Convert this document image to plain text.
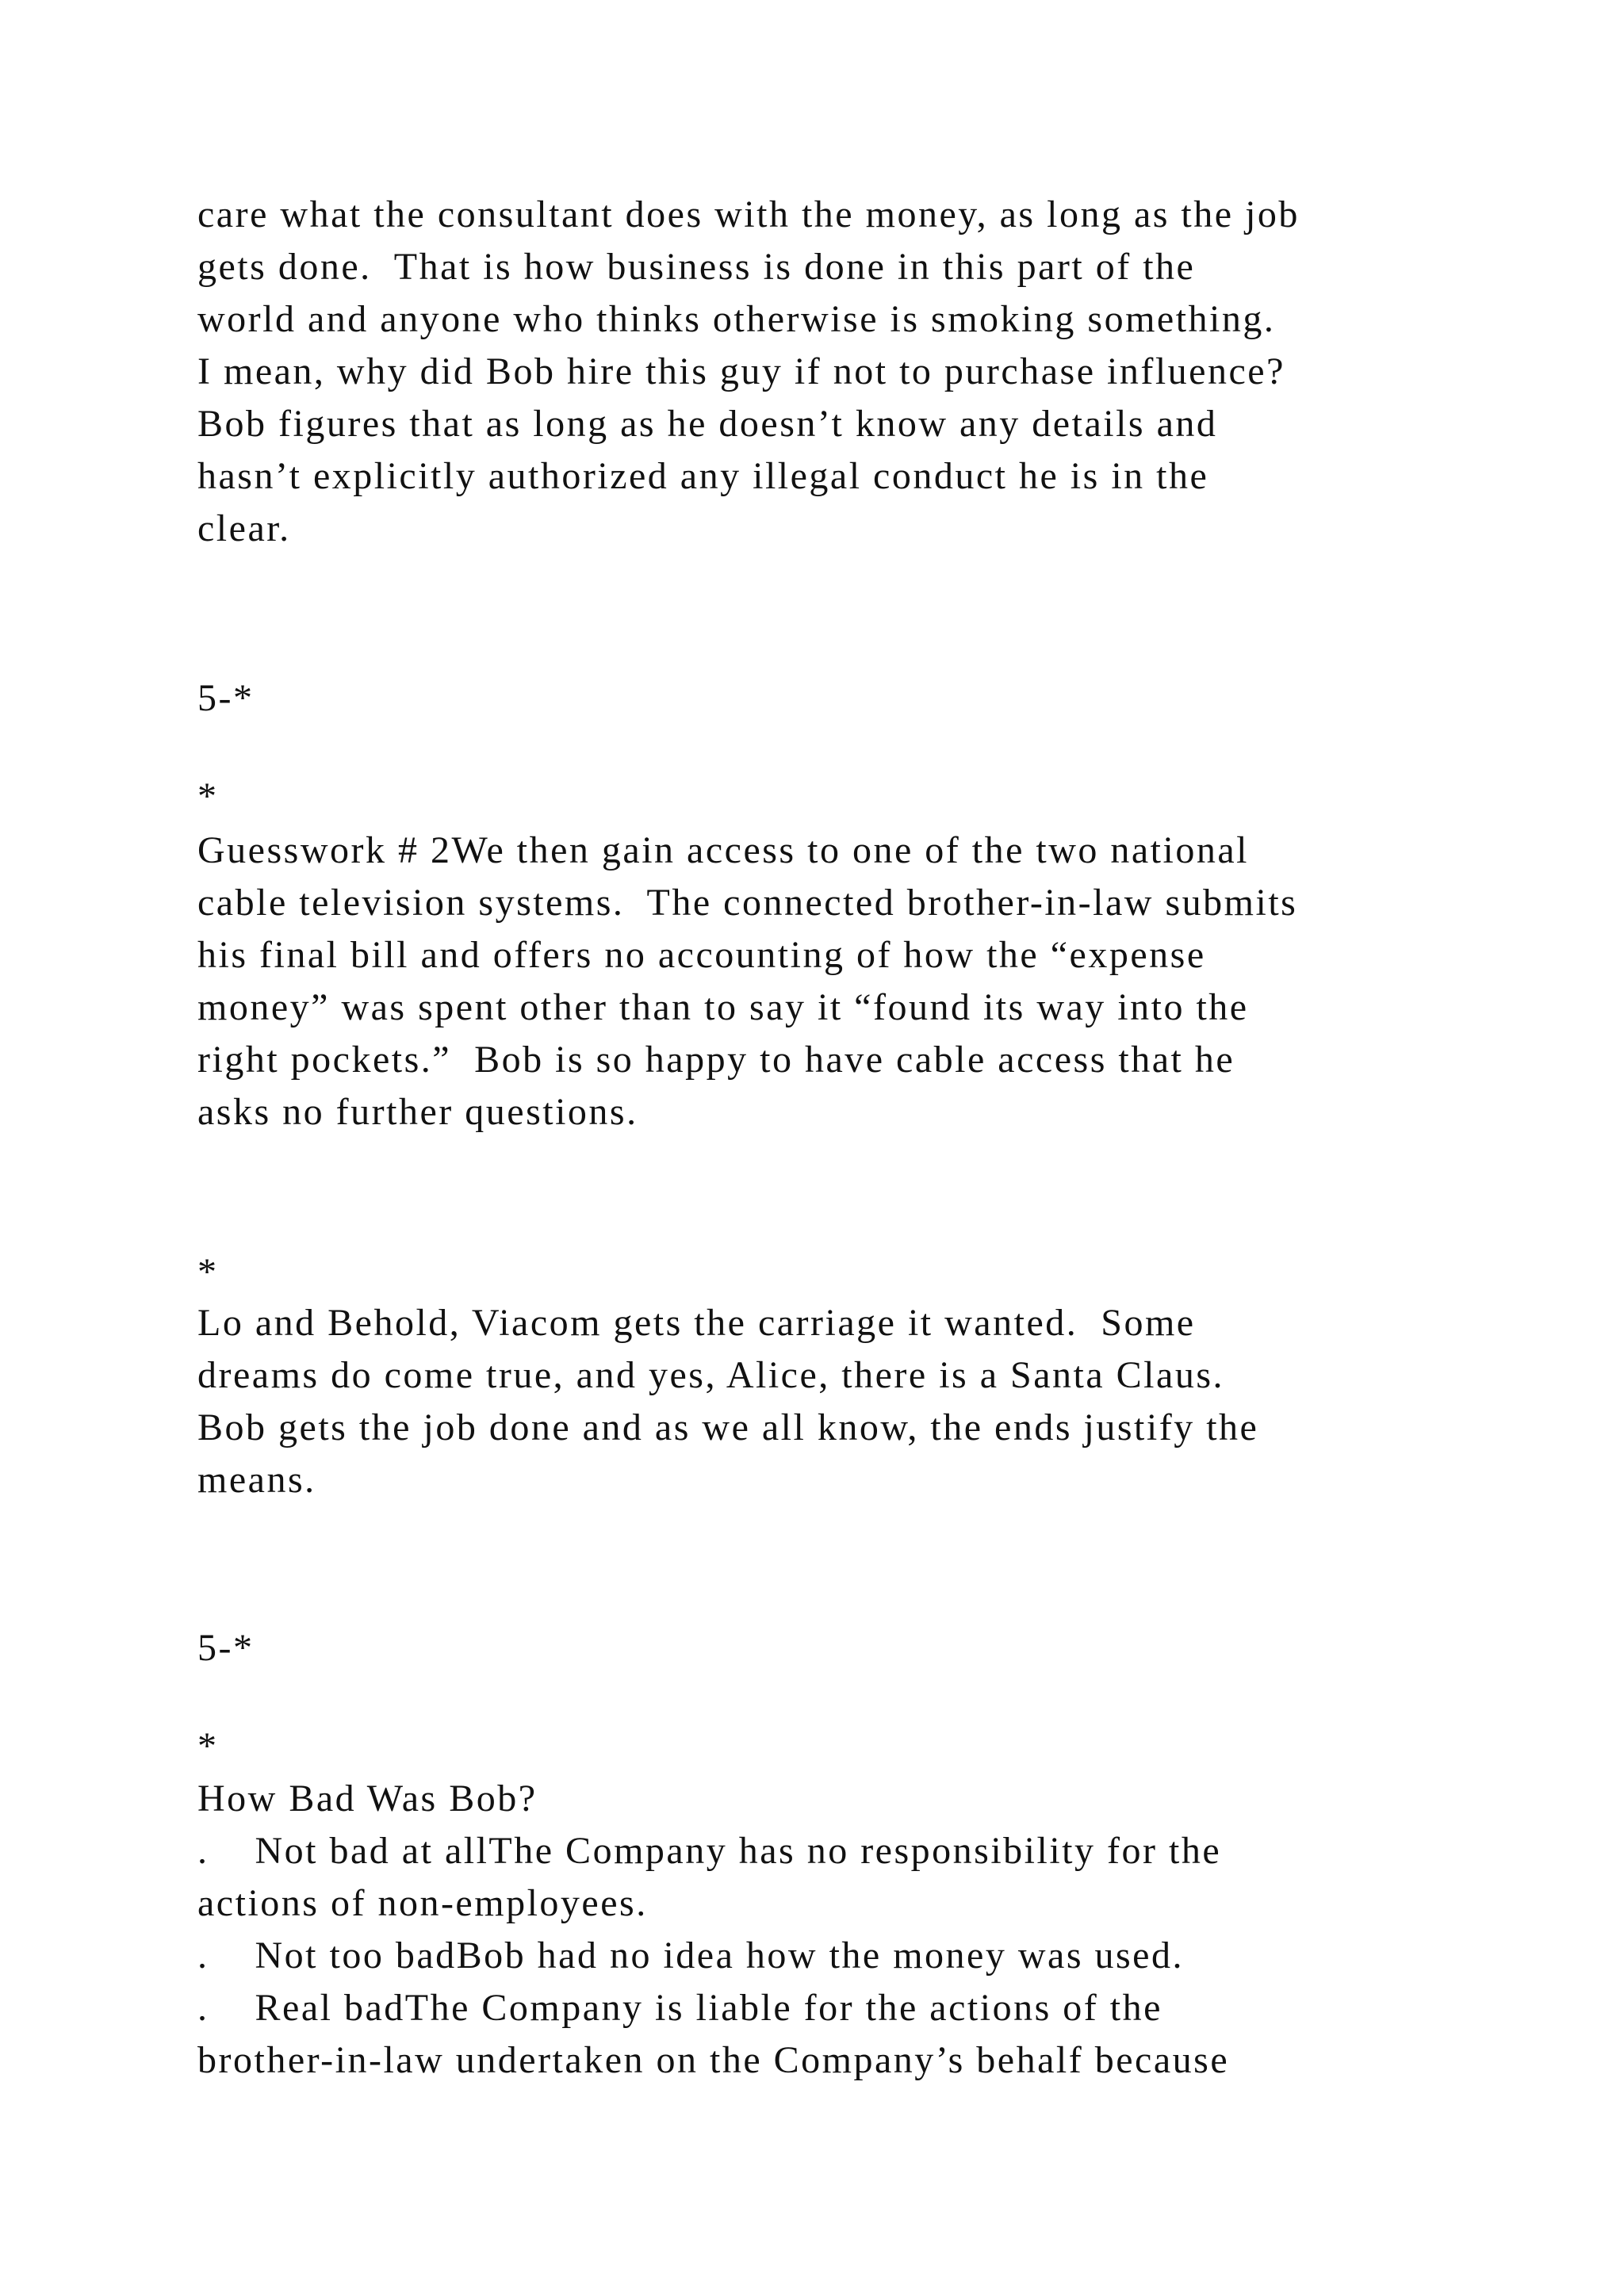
care what the consultant does with the money, as long as the job

gets done.  That is how business is done in this part of the

world and anyone who thinks otherwise is smoking something.

I mean, why did Bob hire this guy if not to purchase influence?

Bob figures that as long as he doesn’t know any details and

hasn’t explicitly authorized any illegal conduct he is in the

clear.

5-*

*

Guesswork # 2We then gain access to one of the two national

cable television systems.  The connected brother-in-law submits

his final bill and offers no accounting of how the “expense

money” was spent other than to say it “found its way into the

right pockets.”  Bob is so happy to have cable access that he

asks no further questions.

*

Lo and Behold, Viacom gets the carriage it wanted.  Some

dreams do come true, and yes, Alice, there is a Santa Claus.

Bob gets the job done and as we all know, the ends justify the

means.

5-*

*

How Bad Was Bob?

.    Not bad at allThe Company has no responsibility for the

actions of non-employees.

.    Not too badBob had no idea how the money was used.

.    Real badThe Company is liable for the actions of the

brother-in-law undertaken on the Company’s behalf because
